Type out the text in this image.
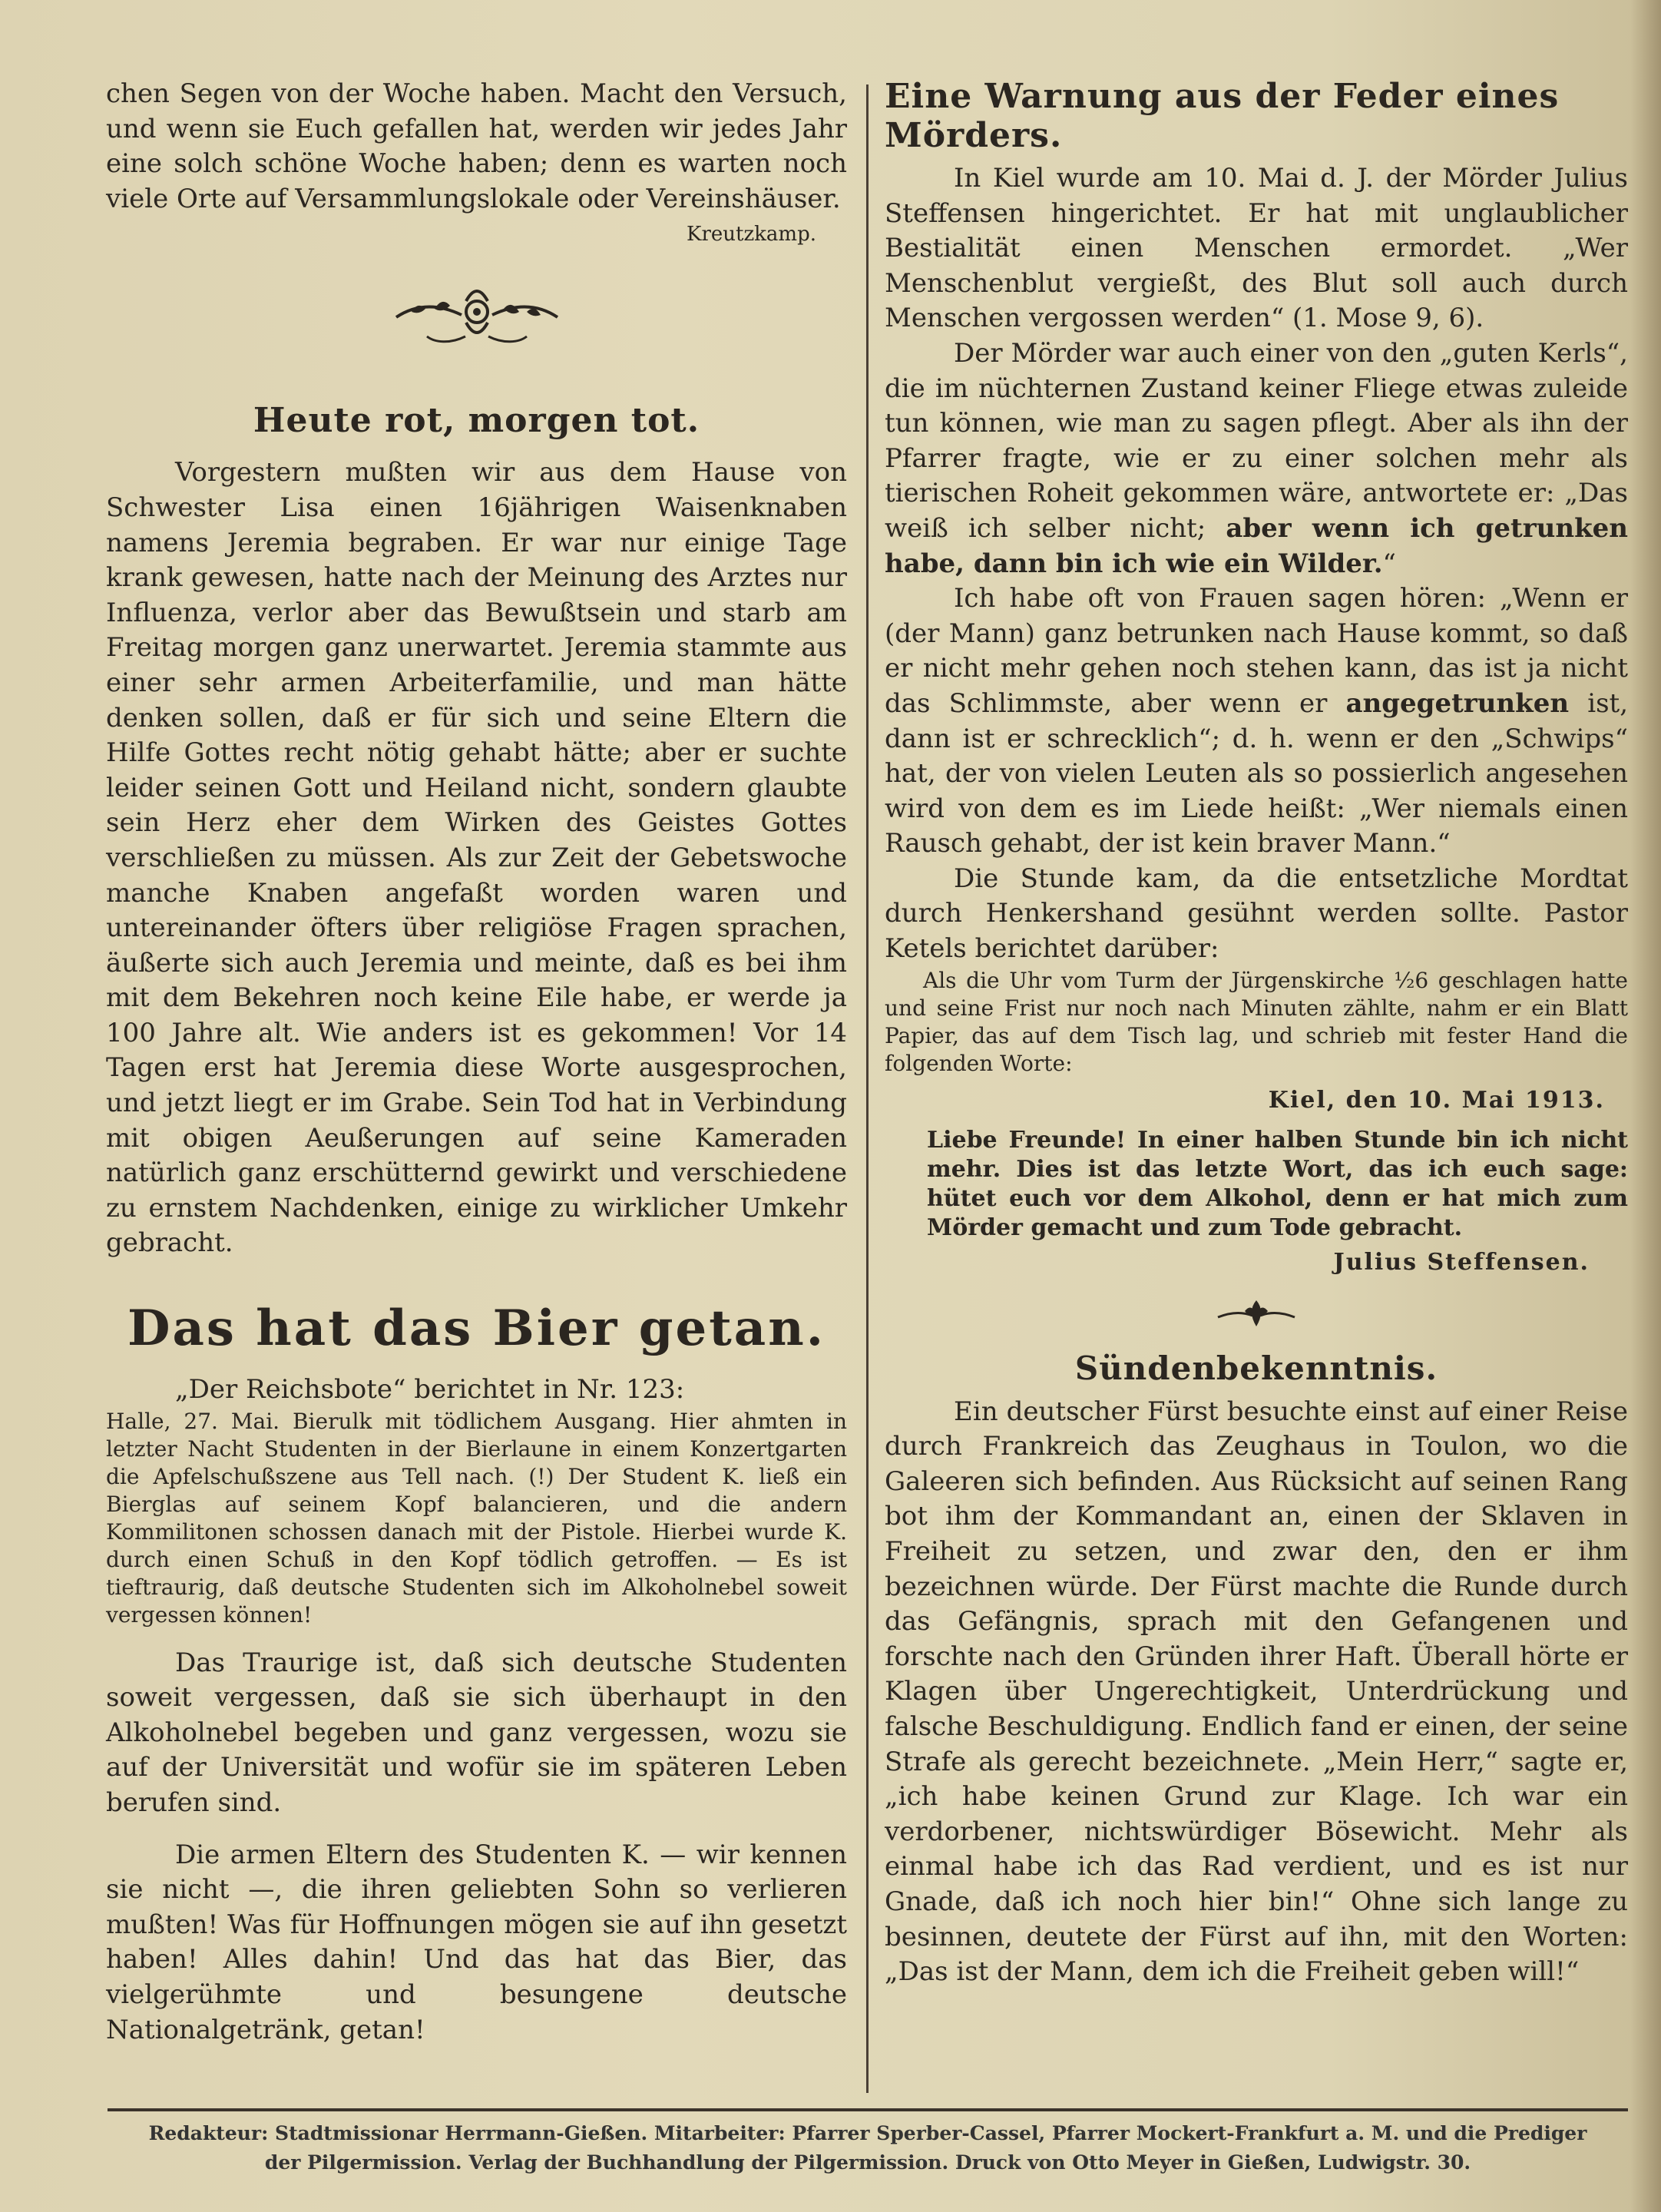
chen Segen von der Woche haben. Macht den Versuch, und wenn sie Euch gefallen hat, werden wir jedes Jahr eine solch schöne Woche haben; denn es warten noch viele Orte auf Versammlungslokale oder Vereinshäuser.

Kreutzkamp.
Heute rot, morgen tot.

Vorgestern mußten wir aus dem Hause von Schwester Lisa einen 16jährigen Waisenknaben namens Jeremia begraben. Er war nur einige Tage krank gewesen, hatte nach der Meinung des Arztes nur Influenza, verlor aber das Bewußtsein und starb am Freitag morgen ganz unerwartet. Jeremia stammte aus einer sehr armen Arbeiterfamilie, und man hätte denken sollen, daß er für sich und seine Eltern die Hilfe Gottes recht nötig gehabt hätte; aber er suchte leider seinen Gott und Heiland nicht, sondern glaubte sein Herz eher dem Wirken des Geistes Gottes verschließen zu müssen. Als zur Zeit der Gebetswoche manche Knaben angefaßt worden waren und untereinander öfters über religiöse Fragen sprachen, äußerte sich auch Jeremia und meinte, daß es bei ihm mit dem Bekehren noch keine Eile habe, er werde ja 100 Jahre alt. Wie anders ist es gekommen! Vor 14 Tagen erst hat Jeremia diese Worte ausgesprochen, und jetzt liegt er im Grabe. Sein Tod hat in Verbindung mit obigen Aeußerungen auf seine Kameraden natürlich ganz erschütternd gewirkt und verschiedene zu ernstem Nachdenken, einige zu wirklicher Umkehr gebracht.

Das hat das Bier getan.

„Der Reichsbote“ berichtet in Nr. 123:

Halle, 27. Mai. Bierulk mit tödlichem Ausgang. Hier ahmten in letzter Nacht Studenten in der Bierlaune in einem Konzertgarten die Apfelschußszene aus Tell nach. (!) Der Student K. ließ ein Bierglas auf seinem Kopf balancieren, und die andern Kommilitonen schossen danach mit der Pistole. Hierbei wurde K. durch einen Schuß in den Kopf tödlich getroffen. — Es ist tieftraurig, daß deutsche Studenten sich im Alkoholnebel soweit vergessen können!

Das Traurige ist, daß sich deutsche Studenten soweit vergessen, daß sie sich überhaupt in den Alkoholnebel begeben und ganz vergessen, wozu sie auf der Universität und wofür sie im späteren Leben berufen sind.

Die armen Eltern des Studenten K. — wir kennen sie nicht —, die ihren geliebten Sohn so verlieren mußten! Was für Hoffnungen mögen sie auf ihn gesetzt haben! Alles dahin! Und das hat das Bier, das vielgerühmte und besungene deutsche Nationalgetränk, getan!

Eine Warnung aus der Feder eines Mörders.

In Kiel wurde am 10. Mai d. J. der Mörder Julius Steffensen hingerichtet. Er hat mit unglaublicher Bestialität einen Menschen ermordet. „Wer Menschenblut vergießt, des Blut soll auch durch Menschen vergossen werden“ (1. Mose 9, 6).

Der Mörder war auch einer von den „guten Kerls“, die im nüchternen Zustand keiner Fliege etwas zuleide tun können, wie man zu sagen pflegt. Aber als ihn der Pfarrer fragte, wie er zu einer solchen mehr als tierischen Roheit gekommen wäre, antwortete er: „Das weiß ich selber nicht; aber wenn ich getrunken habe, dann bin ich wie ein Wilder.“

Ich habe oft von Frauen sagen hören: „Wenn er (der Mann) ganz betrunken nach Hause kommt, so daß er nicht mehr gehen noch stehen kann, das ist ja nicht das Schlimmste, aber wenn er angegetrunken ist, dann ist er schrecklich“; d. h. wenn er den „Schwips“ hat, der von vielen Leuten als so possierlich angesehen wird von dem es im Liede heißt: „Wer niemals einen Rausch gehabt, der ist kein braver Mann.“

Die Stunde kam, da die entsetzliche Mordtat durch Henkershand gesühnt werden sollte. Pastor Ketels berichtet darüber:

Als die Uhr vom Turm der Jürgenskirche ½6 geschlagen hatte und seine Frist nur noch nach Minuten zählte, nahm er ein Blatt Papier, das auf dem Tisch lag, und schrieb mit fester Hand die folgenden Worte:

Kiel, den 10. Mai 1913.

Liebe Freunde! In einer halben Stunde bin ich nicht mehr. Dies ist das letzte Wort, das ich euch sage: hütet euch vor dem Alkohol, denn er hat mich zum Mörder gemacht und zum Tode gebracht.

Julius Steffensen.
Sündenbekenntnis.

Ein deutscher Fürst besuchte einst auf einer Reise durch Frankreich das Zeughaus in Toulon, wo die Galeeren sich befinden. Aus Rücksicht auf seinen Rang bot ihm der Kommandant an, einen der Sklaven in Freiheit zu setzen, und zwar den, den er ihm bezeichnen würde. Der Fürst machte die Runde durch das Gefängnis, sprach mit den Gefangenen und forschte nach den Gründen ihrer Haft. Überall hörte er Klagen über Ungerechtigkeit, Unterdrückung und falsche Beschuldigung. Endlich fand er einen, der seine Strafe als gerecht bezeichnete. „Mein Herr,“ sagte er, „ich habe keinen Grund zur Klage. Ich war ein verdorbener, nichtswürdiger Bösewicht. Mehr als einmal habe ich das Rad verdient, und es ist nur Gnade, daß ich noch hier bin!“ Ohne sich lange zu besinnen, deutete der Fürst auf ihn, mit den Worten: „Das ist der Mann, dem ich die Freiheit geben will!“

Redakteur: Stadtmissionar Herrmann-Gießen. Mitarbeiter: Pfarrer Sperber-Cassel, Pfarrer Mockert-Frankfurt a. M. und die Prediger
der Pilgermission. Verlag der Buchhandlung der Pilgermission. Druck von Otto Meyer in Gießen, Ludwigstr. 30.
